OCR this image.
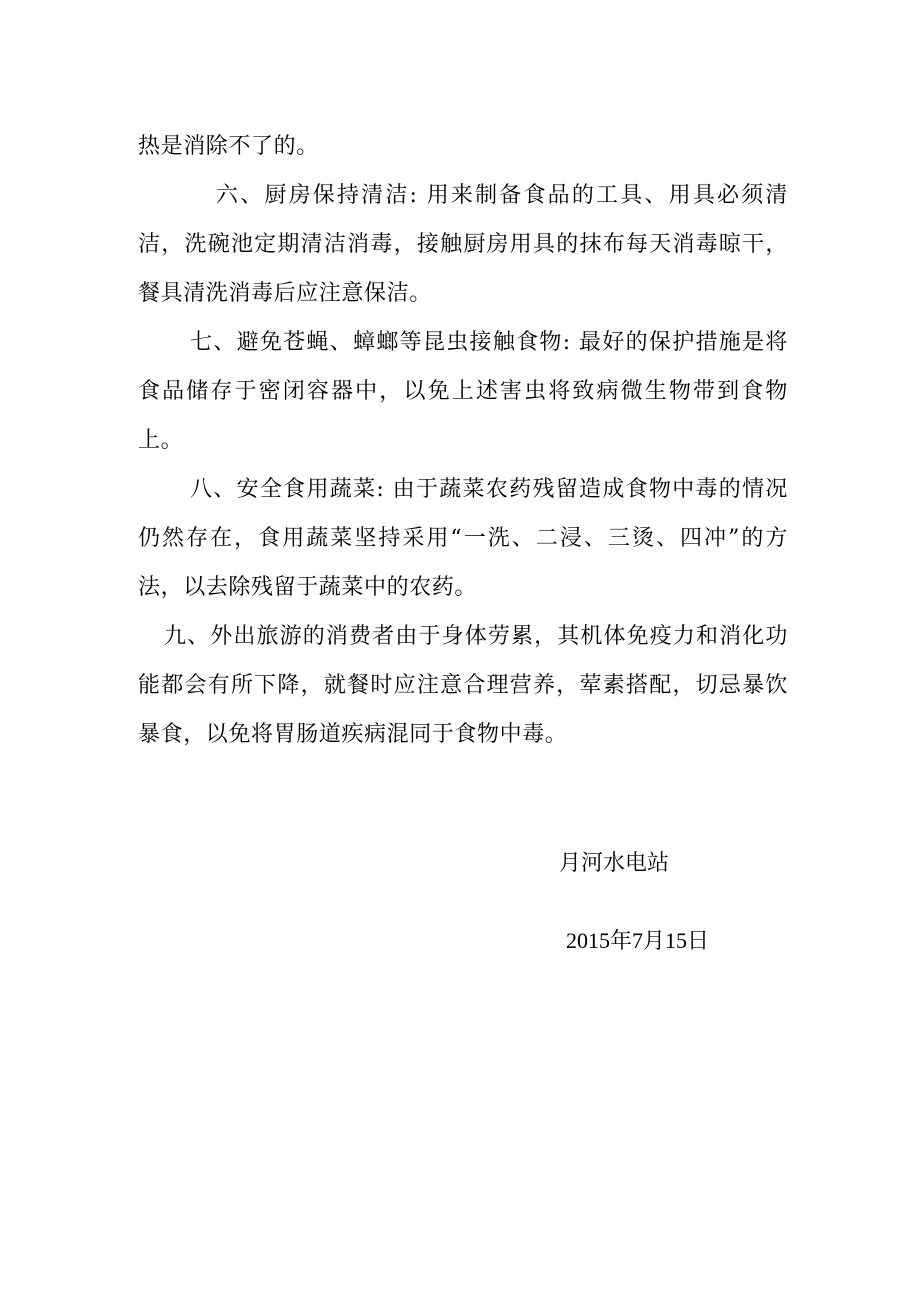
热是消除不了的。

六、厨房保持清洁: 用来制备食品的工具、用具必须清洁，洗碗池定期清洁消毒，接触厨房用具的抹布每天消毒晾干，餐具清洗消毒后应注意保洁。

七、避免苍蝇、蟑螂等昆虫接触食物: 最好的保护措施是将食品储存于密闭容器中，以免上述害虫将致病微生物带到食物上。

八、安全食用蔬菜: 由于蔬菜农药残留造成食物中毒的情况仍然存在，食用蔬菜坚持采用“一洗、二浸、三烫、四冲”的方法，以去除残留于蔬菜中的农药。

九、外出旅游的消费者由于身体劳累，其机体免疫力和消化功能都会有所下降，就餐时应注意合理营养，荤素搭配，切忌暴饮暴食，以免将胃肠道疾病混同于食物中毒。

月河水电站
2015年7月15日
